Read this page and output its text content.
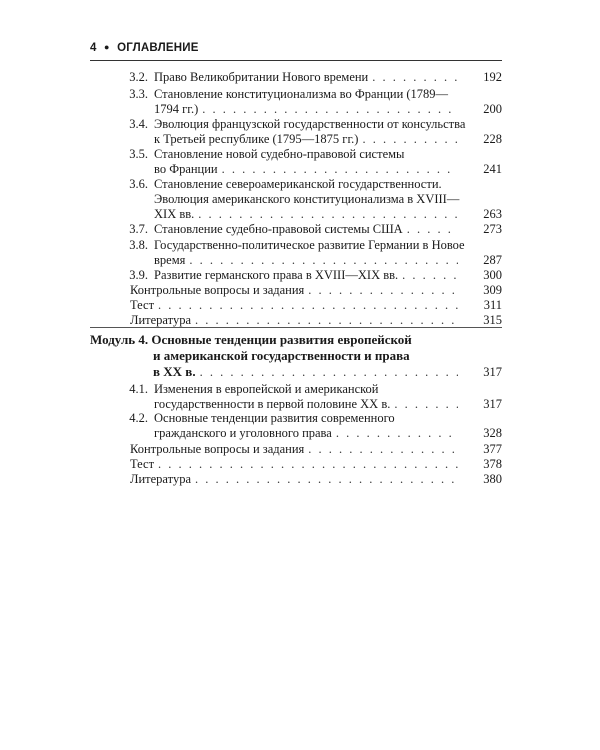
4 ● ОГЛАВЛЕНИЕ
3.2. Право Великобритании Нового времени . . .	192
3.3. Становление конституционализма во Франции (1789—
1794 гг.) . . .	200
3.4. Эволюция французской государственности от консульства
к Третьей республике (1795—1875 гг.) . . .	228
3.5. Становление новой судебно-правовой системы
во Франции . . .	241
3.6. Становление североамериканской государственности.
Эволюция американского конституционализма в XVIII—
XIX вв. . . .	263
3.7. Становление судебно-правовой системы США . . .	273
3.8. Государственно-политическое развитие Германии в Новое
время . . .	287
3.9. Развитие германского права в XVIII—XIX вв. . . .	300
Контрольные вопросы и задания . . .	309
Тест . . .	311
Литература . . .	315
Модуль 4. Основные тенденции развития европейской
и американской государственности и права
в XX в. . . .	317
4.1. Изменения в европейской и американской
государственности в первой половине XX в. . . .	317
4.2. Основные тенденции развития современного
гражданского и уголовного права . . .	328
Контрольные вопросы и задания . . .	377
Тест . . .	378
Литература . . .	380
